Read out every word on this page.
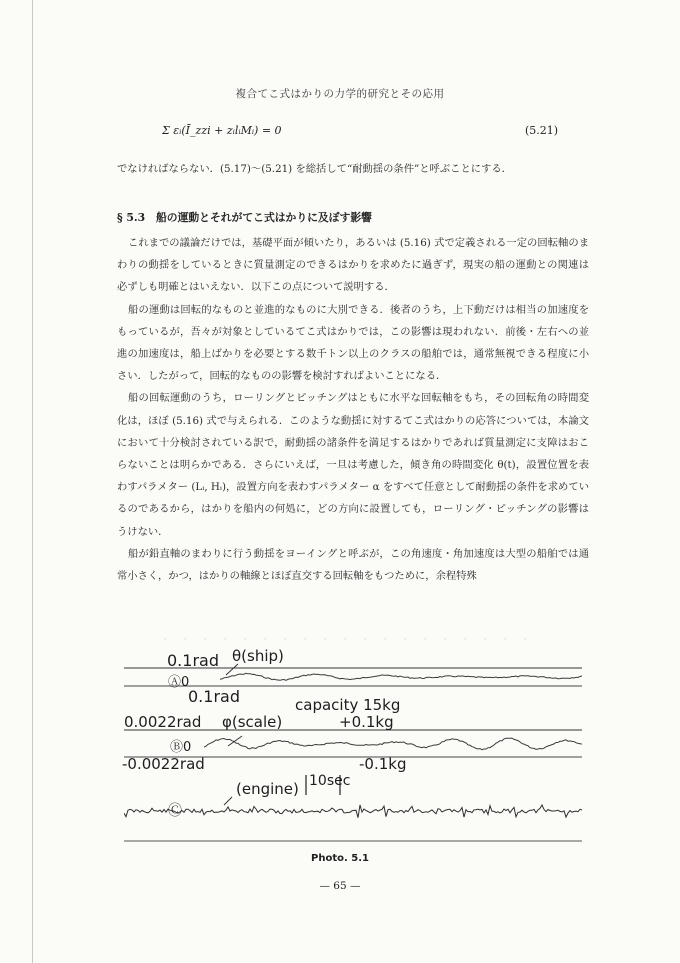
複合てこ式はかりの力学的研究とその応用
Σ εᵢ(Ī_zzi + zᵢlᵢMᵢ) = 0	(5.21)

でなければならない．(5.17)〜(5.21) を総括して“耐動揺の条件”と呼ぶことにする．

§ 5.3　船の運動とそれがてこ式はかりに及ぼす影響

これまでの議論だけでは，基礎平面が傾いたり，あるいは (5.16) 式で定義される一定の回転軸のまわりの動揺をしているときに質量測定のできるはかりを求めたに過ぎず，現実の船の運動との関連は必ずしも明確とはいえない．以下この点について説明する．

船の運動は回転的なものと並進的なものに大別できる．後者のうち，上下動だけは相当の加速度をもっているが，吾々が対象としているてこ式はかりでは，この影響は現われない．前後・左右への並進の加速度は，船上ばかりを必要とする数千トン以上のクラスの船舶では，通常無視できる程度に小さい．したがって，回転的なものの影響を検討すればよいことになる．

船の回転運動のうち，ローリングとピッチングはともに水平な回転軸をもち，その回転角の時間変化は，ほぼ (5.16) 式で与えられる．このような動揺に対するてこ式はかりの応答については，本論文において十分検討されている訳で，耐動揺の諸条件を満足するはかりであれば質量測定に支障はおこらないことは明らかである．さらにいえば，一旦は考慮した，傾き角の時間変化 θ(t)，設置位置を表わすパラメター (Lᵢ, Hᵢ)，設置方向を表わすパラメター α をすべて任意として耐動揺の条件を求めているのであるから，はかりを船内の何処に，どの方向に設置しても，ローリング・ピッチングの影響はうけない．

船が鉛直軸のまわりに行う動揺をヨーイングと呼ぶが，この角速度・角加速度は大型の船舶では通常小さく，かつ，はかりの軸線とほぼ直交する回転軸をもつために，余程特殊

0.1rad θ(ship)
Ⓐ0
0.1rad	capacity 15kg
0.0022rad φ(scale)	+0.1kg
Ⓑ0
-0.0022rad	-0.1kg
(engine) 10sec
Ⓒ
Photo. 5.1
— 65 —
